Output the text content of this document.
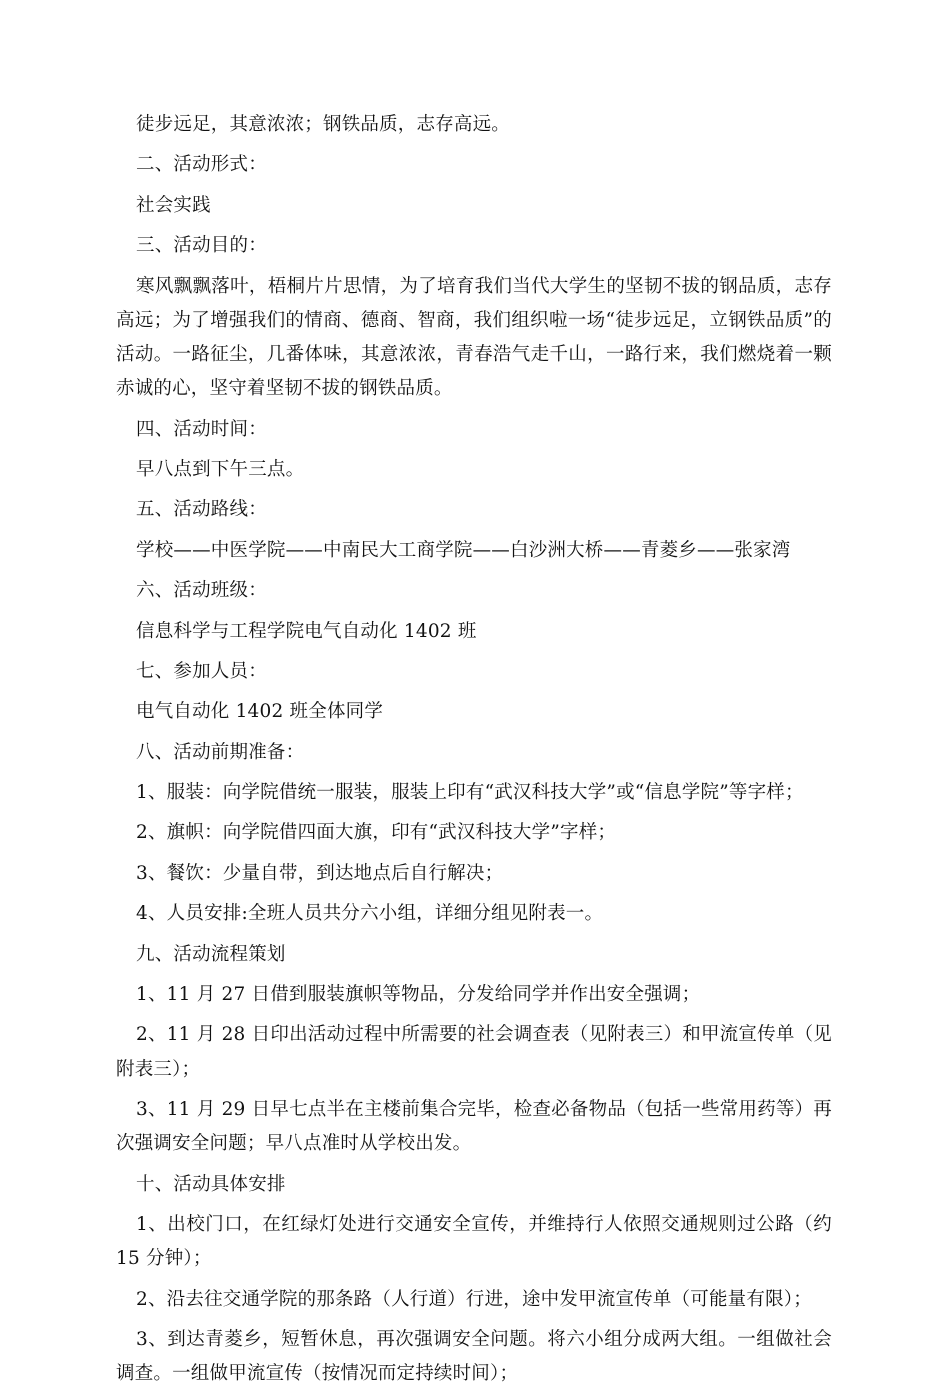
徒步远足，其意浓浓；钢铁品质，志存高远。

二、活动形式：

社会实践

三、活动目的：

寒风飘飘落叶，梧桐片片思情，为了培育我们当代大学生的坚韧不拔的钢品质，志存高远；为了增强我们的情商、德商、智商，我们组织啦一场“徒步远足，立钢铁品质”的活动。一路征尘，几番体味，其意浓浓，青春浩气走千山，一路行来，我们燃烧着一颗赤诚的心，坚守着坚韧不拔的钢铁品质。

四、活动时间：

早八点到下午三点。

五、活动路线：

学校——中医学院——中南民大工商学院——白沙洲大桥——青菱乡——张家湾

六、活动班级：

信息科学与工程学院电气自动化 1402 班

七、参加人员：

电气自动化 1402 班全体同学

八、活动前期准备：

1、服装：向学院借统一服装，服装上印有“武汉科技大学”或“信息学院”等字样；

2、旗帜：向学院借四面大旗，印有“武汉科技大学”字样；

3、餐饮：少量自带，到达地点后自行解决；

4、人员安排:全班人员共分六小组，详细分组见附表一。

九、活动流程策划

1、11 月 27 日借到服装旗帜等物品，分发给同学并作出安全强调；

2、11 月 28 日印出活动过程中所需要的社会调查表（见附表三）和甲流宣传单（见附表三）；

3、11 月 29 日早七点半在主楼前集合完毕，检查必备物品（包括一些常用药等）再次强调安全问题；早八点准时从学校出发。

十、活动具体安排

1、出校门口，在红绿灯处进行交通安全宣传，并维持行人依照交通规则过公路（约 15 分钟）；

2、沿去往交通学院的那条路（人行道）行进，途中发甲流宣传单（可能量有限）；

3、到达青菱乡，短暂休息，再次强调安全问题。将六小组分成两大组。一组做社会调查。一组做甲流宣传（按情况而定持续时间）；
